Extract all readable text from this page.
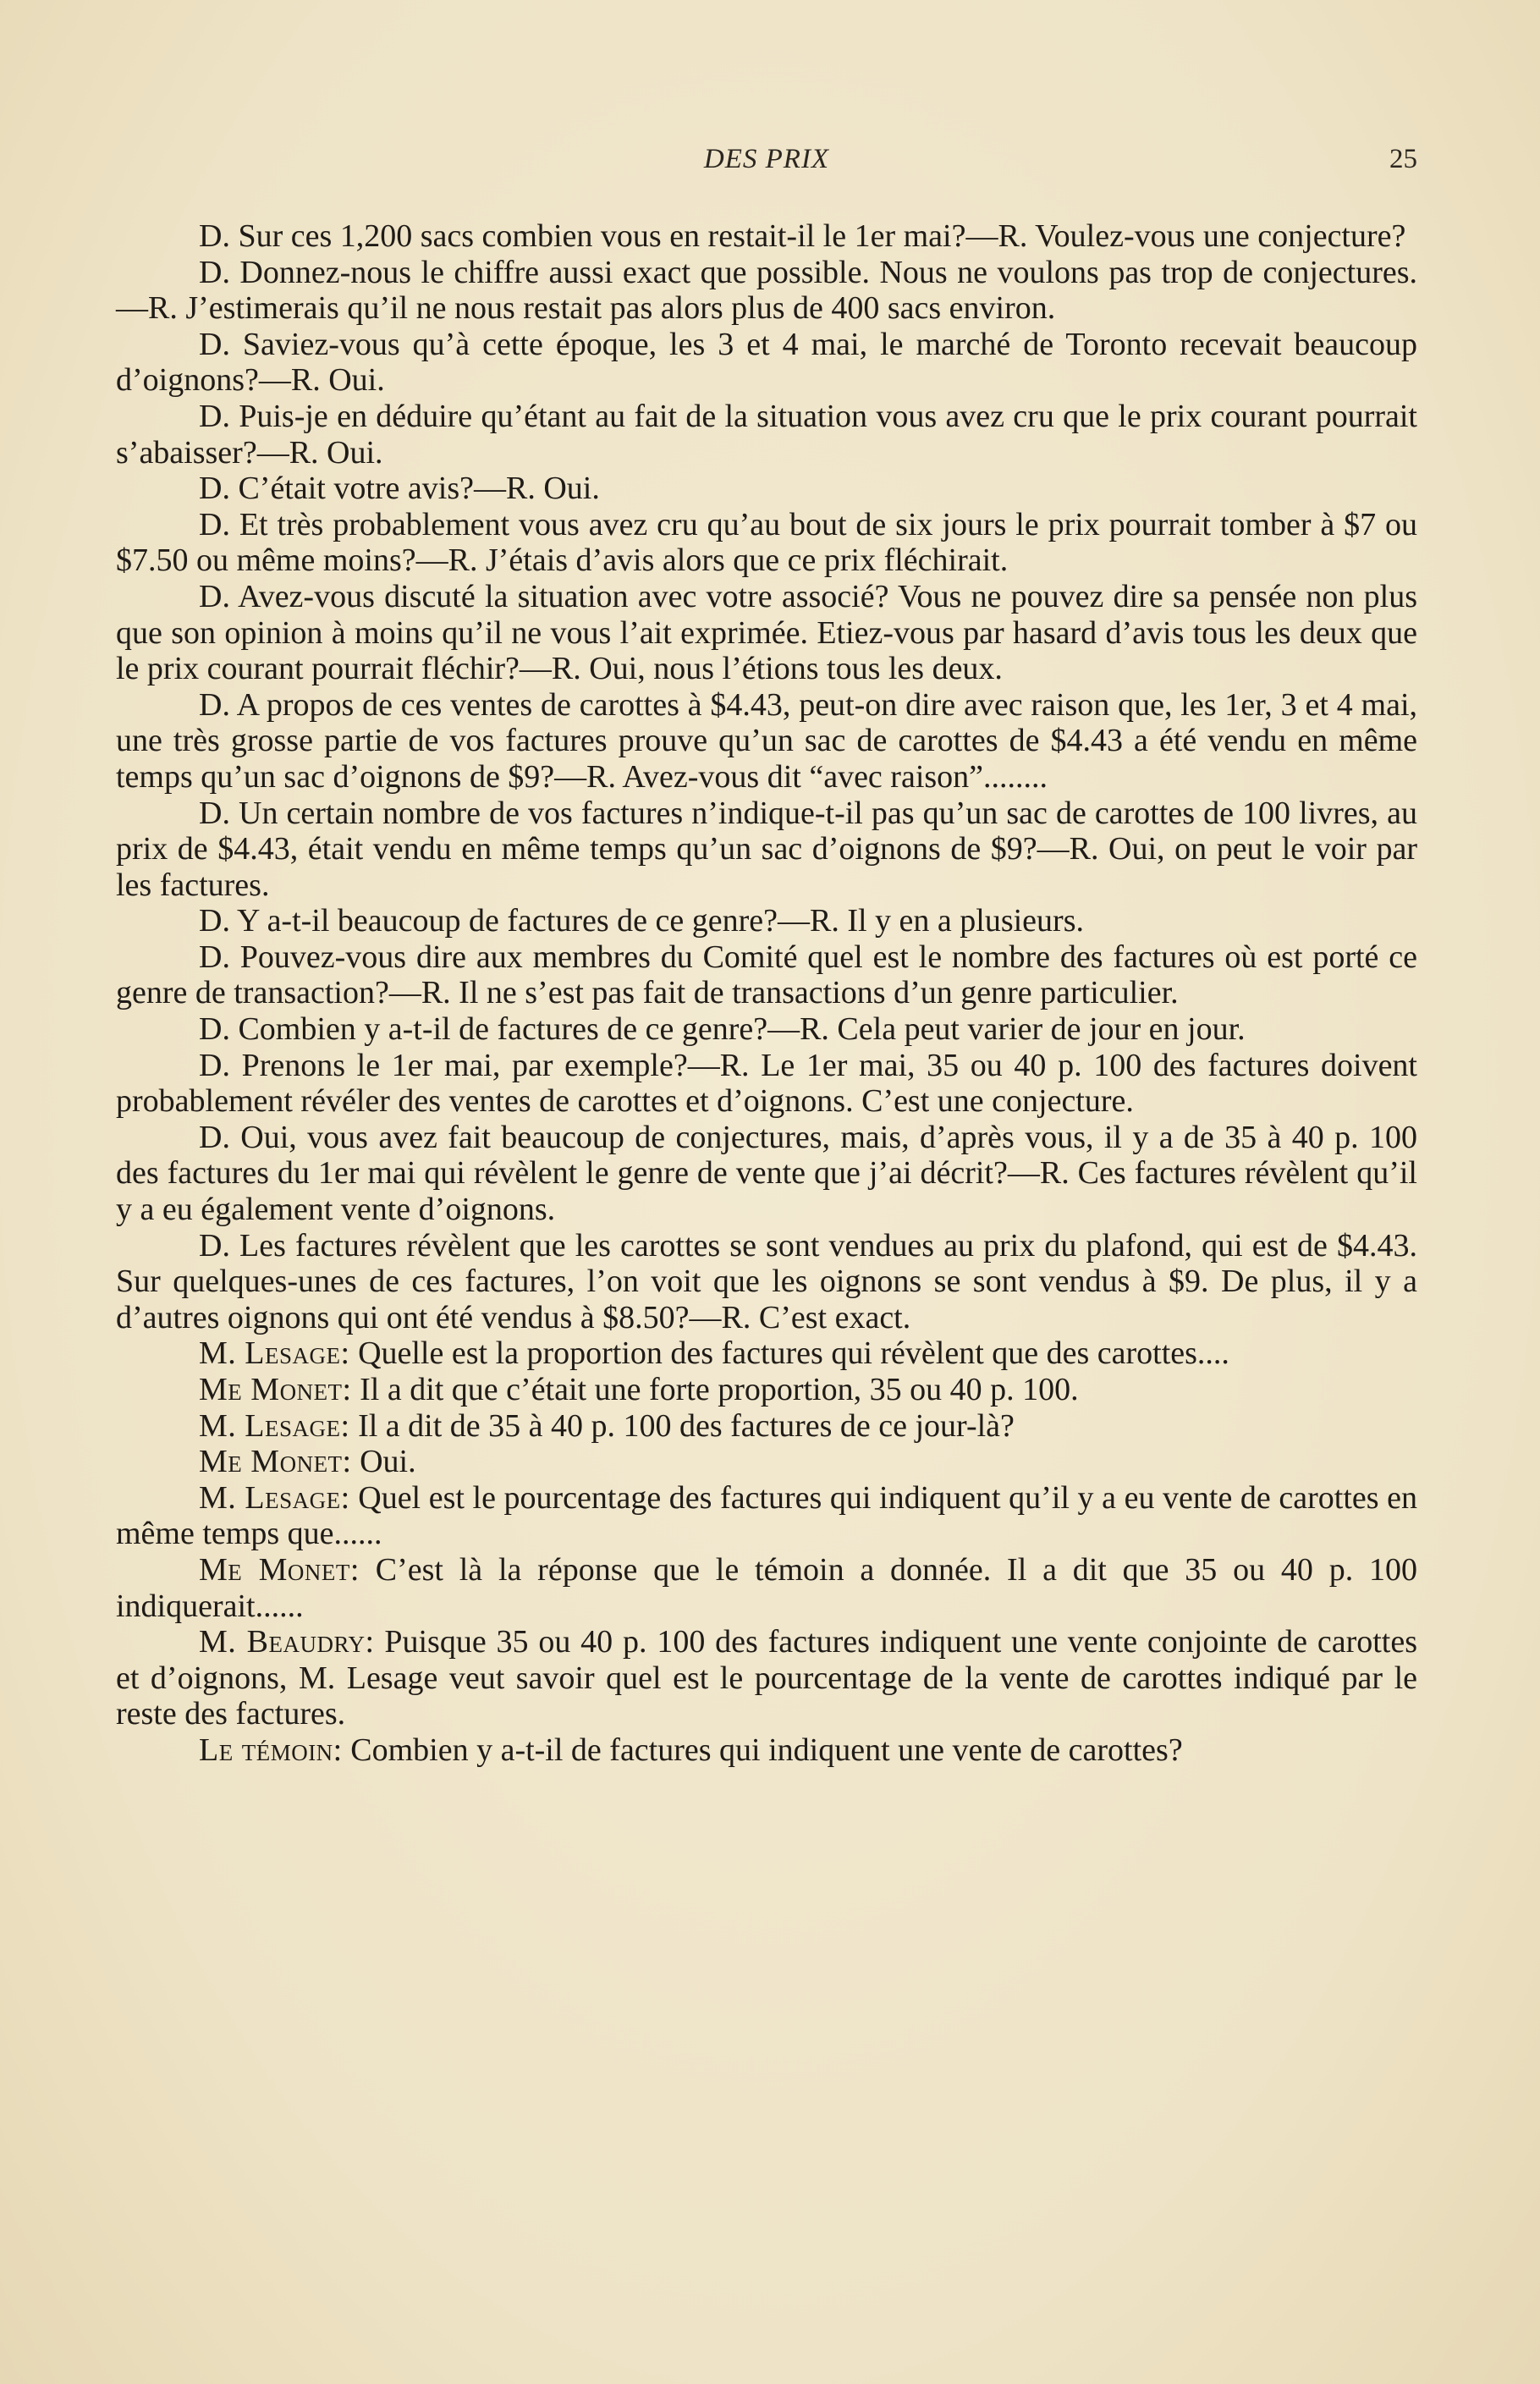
DES PRIX	25

D. Sur ces 1,200 sacs combien vous en restait-il le 1er mai?—R. Voulez-vous une conjecture?

D. Donnez-nous le chiffre aussi exact que possible. Nous ne voulons pas trop de conjectures.—R. J’estimerais qu’il ne nous restait pas alors plus de 400 sacs environ.

D. Saviez-vous qu’à cette époque, les 3 et 4 mai, le marché de Toronto recevait beaucoup d’oignons?—R. Oui.

D. Puis-je en déduire qu’étant au fait de la situation vous avez cru que le prix courant pourrait s’abaisser?—R. Oui.

D. C’était votre avis?—R. Oui.

D. Et très probablement vous avez cru qu’au bout de six jours le prix pourrait tomber à $7 ou $7.50 ou même moins?—R. J’étais d’avis alors que ce prix fléchirait.

D. Avez-vous discuté la situation avec votre associé? Vous ne pouvez dire sa pensée non plus que son opinion à moins qu’il ne vous l’ait exprimée. Etiez-vous par hasard d’avis tous les deux que le prix courant pourrait fléchir?—R. Oui, nous l’étions tous les deux.

D. A propos de ces ventes de carottes à $4.43, peut-on dire avec raison que, les 1er, 3 et 4 mai, une très grosse partie de vos factures prouve qu’un sac de carottes de $4.43 a été vendu en même temps qu’un sac d’oignons de $9?—R. Avez-vous dit “avec raison”........

D. Un certain nombre de vos factures n’indique-t-il pas qu’un sac de carottes de 100 livres, au prix de $4.43, était vendu en même temps qu’un sac d’oignons de $9?—R. Oui, on peut le voir par les factures.

D. Y a-t-il beaucoup de factures de ce genre?—R. Il y en a plusieurs.

D. Pouvez-vous dire aux membres du Comité quel est le nombre des factures où est porté ce genre de transaction?—R. Il ne s’est pas fait de transactions d’un genre particulier.

D. Combien y a-t-il de factures de ce genre?—R. Cela peut varier de jour en jour.

D. Prenons le 1er mai, par exemple?—R. Le 1er mai, 35 ou 40 p. 100 des factures doivent probablement révéler des ventes de carottes et d’oignons. C’est une conjecture.

D. Oui, vous avez fait beaucoup de conjectures, mais, d’après vous, il y a de 35 à 40 p. 100 des factures du 1er mai qui révèlent le genre de vente que j’ai décrit?—R. Ces factures révèlent qu’il y a eu également vente d’oignons.

D. Les factures révèlent que les carottes se sont vendues au prix du plafond, qui est de $4.43. Sur quelques-unes de ces factures, l’on voit que les oignons se sont vendus à $9. De plus, il y a d’autres oignons qui ont été vendus à $8.50?—R. C’est exact.

M. Lesage: Quelle est la proportion des factures qui révèlent que des carottes....

Me Monet: Il a dit que c’était une forte proportion, 35 ou 40 p. 100.

M. Lesage: Il a dit de 35 à 40 p. 100 des factures de ce jour-là?

Me Monet: Oui.

M. Lesage: Quel est le pourcentage des factures qui indiquent qu’il y a eu vente de carottes en même temps que......

Me Monet: C’est là la réponse que le témoin a donnée. Il a dit que 35 ou 40 p. 100 indiquerait......

M. Beaudry: Puisque 35 ou 40 p. 100 des factures indiquent une vente conjointe de carottes et d’oignons, M. Lesage veut savoir quel est le pourcentage de la vente de carottes indiqué par le reste des factures.

Le témoin: Combien y a-t-il de factures qui indiquent une vente de carottes?
